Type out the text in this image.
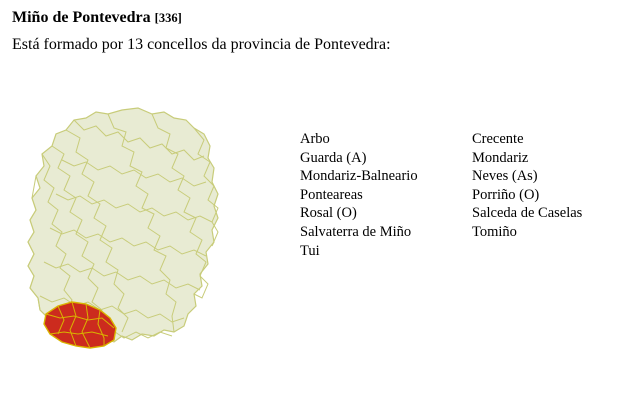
Miño de Pontevedra [336]
Está formado por 13 concellos da provincia de Pontevedra:
Arbo
Guarda (A)
Mondariz-Balneario
Ponteareas
Rosal (O)
Salvaterra de Miño
Tui
Crecente
Mondariz
Neves (As)
Porriño (O)
Salceda de Caselas
Tomiño
